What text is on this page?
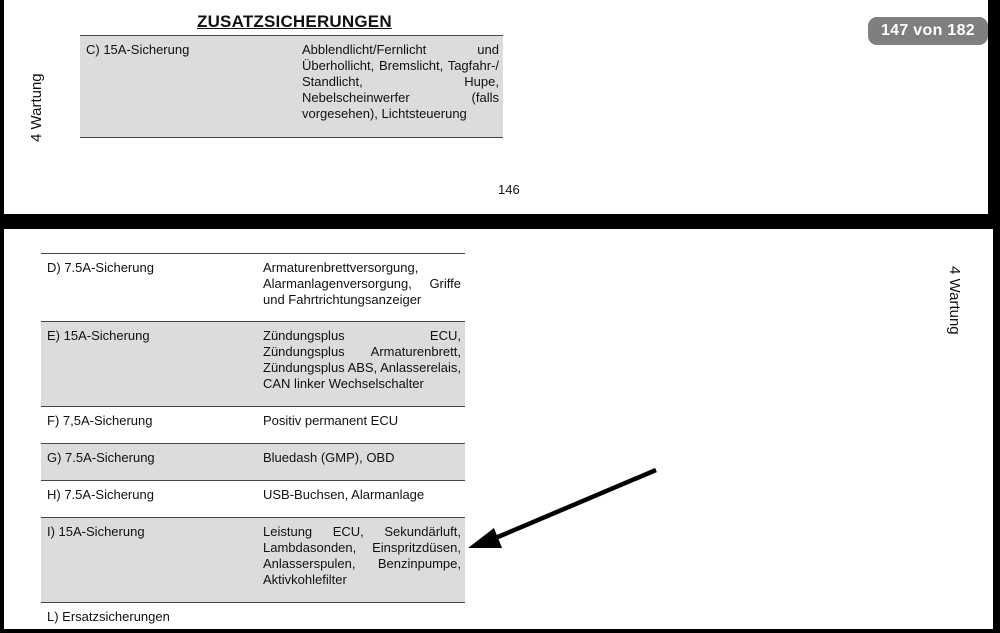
147 von 182
ZUSATZSICHERUNGEN
4 Wartung
C) 15A-Sicherung	Abblendlicht/Fernlicht und Überhollicht, Bremslicht, Tagfahr-/ Standlicht, Hupe, Nebelscheinwerfer (falls vorgesehen), Lichtsteuerung
146
4 Wartung
D) 7.5A-Sicherung	Armaturenbrettversorgung, Alarmanlagenversorgung, Griffe und Fahrtrichtungsanzeiger
E) 15A-Sicherung	Zündungsplus ECU, Zündungsplus Armaturenbrett, Zündungsplus ABS, Anlasserelais, CAN linker Wechselschalter
F) 7,5A-Sicherung	Positiv permanent ECU
G) 7.5A-Sicherung	Bluedash (GMP), OBD
H) 7.5A-Sicherung	USB-Buchsen, Alarmanlage
I) 15A-Sicherung	Leistung ECU, Sekundärluft, Lambdasonden, Einspritzdüsen, Anlasserspulen, Benzinpumpe, Aktivkohlefilter
L) Ersatzsicherungen	
